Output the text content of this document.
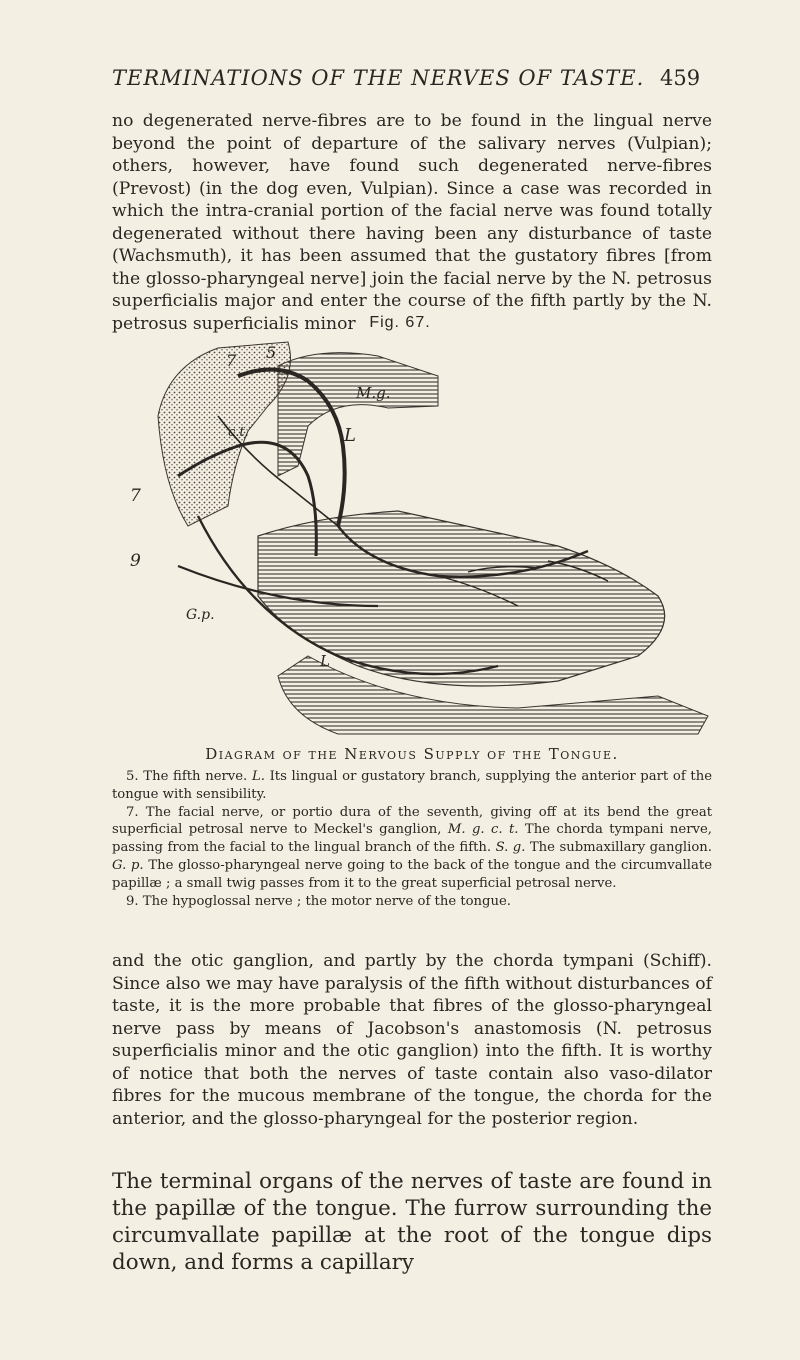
TERMINATIONS OF THE NERVES OF TASTE. 459

no degenerated nerve-fibres are to be found in the lingual nerve beyond the point of departure of the salivary nerves (Vulpian); others, however, have found such degenerated nerve-fibres (Prevost) (in the dog even, Vulpian). Since a case was recorded in which the intra-cranial portion of the facial nerve was found totally degenerated without there having been any disturbance of taste (Wachsmuth), it has been assumed that the gustatory fibres [from the glosso-pharyngeal nerve] join the facial nerve by the N. petrosus superficialis major and enter the course of the fifth partly by the N. petrosus superficialis minor Fig. 67.
5
7
M.g.
c.t.	L
7
9
G.p.
L
Diagram of the Nervous Supply of the Tongue.

5. The fifth nerve. L. Its lingual or gustatory branch, supplying the anterior part of the tongue with sensibility.

7. The facial nerve, or portio dura of the seventh, giving off at its bend the great superficial petrosal nerve to Meckel's ganglion, M. g. c. t. The chorda tympani nerve, passing from the facial to the lingual branch of the fifth. S. g. The submaxillary ganglion. G. p. The glosso-pharyngeal nerve going to the back of the tongue and the circumvallate papillæ ; a small twig passes from it to the great superficial petrosal nerve.

9. The hypoglossal nerve ; the motor nerve of the tongue.

and the otic ganglion, and partly by the chorda tympani (Schiff). Since also we may have paralysis of the fifth without disturbances of taste, it is the more probable that fibres of the glosso-pharyngeal nerve pass by means of Jacobson's anastomosis (N. petrosus superficialis minor and the otic ganglion) into the fifth. It is worthy of notice that both the nerves of taste contain also vaso-dilator fibres for the mucous membrane of the tongue, the chorda for the anterior, and the glosso-pharyngeal for the posterior region.

The terminal organs of the nerves of taste are found in the papillæ of the tongue. The furrow surrounding the circumvallate papillæ at the root of the tongue dips down, and forms a capillary
